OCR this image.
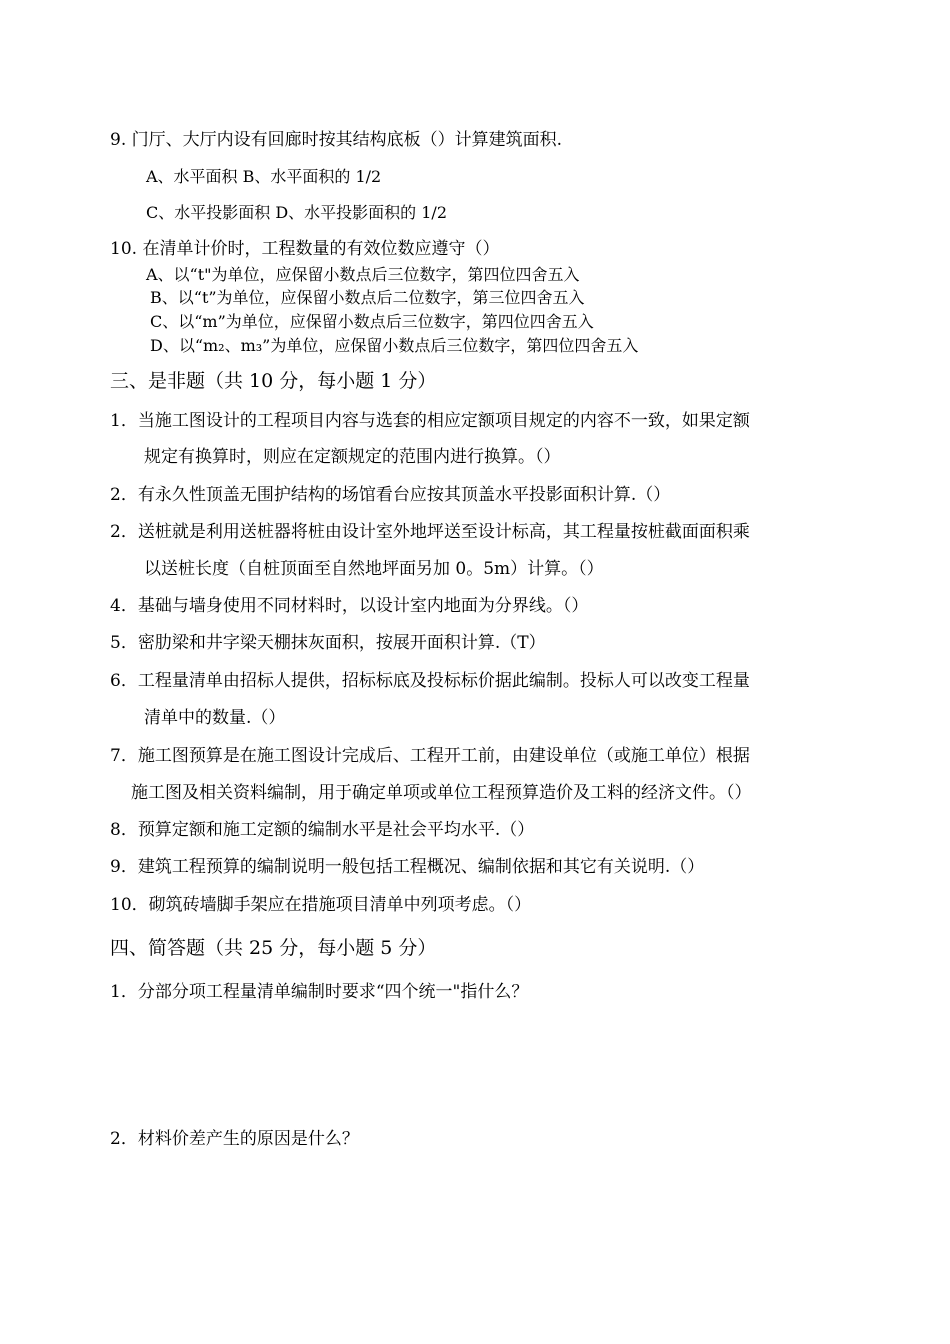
9. 门厅、大厅内设有回廊时按其结构底板（）计算建筑面积.
A、水平面积 B、水平面积的 1/2
C、水平投影面积 D、水平投影面积的 1/2
10. 在清单计价时，工程数量的有效位数应遵守（）
A、以“t"为单位，应保留小数点后三位数字，第四位四舍五入
B、以“t”为单位，应保留小数点后二位数字，第三位四舍五入
C、以“m”为单位，应保留小数点后三位数字，第四位四舍五入
D、以“m₂、m₃”为单位，应保留小数点后三位数字，第四位四舍五入
三、是非题（共 10 分，每小题 1 分）
1．当施工图设计的工程项目内容与选套的相应定额项目规定的内容不一致，如果定额
规定有换算时，则应在定额规定的范围内进行换算。（）
2．有永久性顶盖无围护结构的场馆看台应按其顶盖水平投影面积计算.（）
2．送桩就是利用送桩器将桩由设计室外地坪送至设计标高，其工程量按桩截面面积乘
以送桩长度（自桩顶面至自然地坪面另加 0。5m）计算。（）
4．基础与墙身使用不同材料时，以设计室内地面为分界线。（）
5．密肋梁和井字梁天棚抹灰面积，按展开面积计算.（T）
6．工程量清单由招标人提供，招标标底及投标标价据此编制。投标人可以改变工程量
清单中的数量.（）
7．施工图预算是在施工图设计完成后、工程开工前，由建设单位（或施工单位）根据
施工图及相关资料编制，用于确定单项或单位工程预算造价及工料的经济文件。（）
8．预算定额和施工定额的编制水平是社会平均水平.（）
9．建筑工程预算的编制说明一般包括工程概况、编制依据和其它有关说明.（）
10．砌筑砖墙脚手架应在措施项目清单中列项考虑。（）
四、简答题（共 25 分，每小题 5 分）
1．分部分项工程量清单编制时要求“四个统一"指什么？
2．材料价差产生的原因是什么？
